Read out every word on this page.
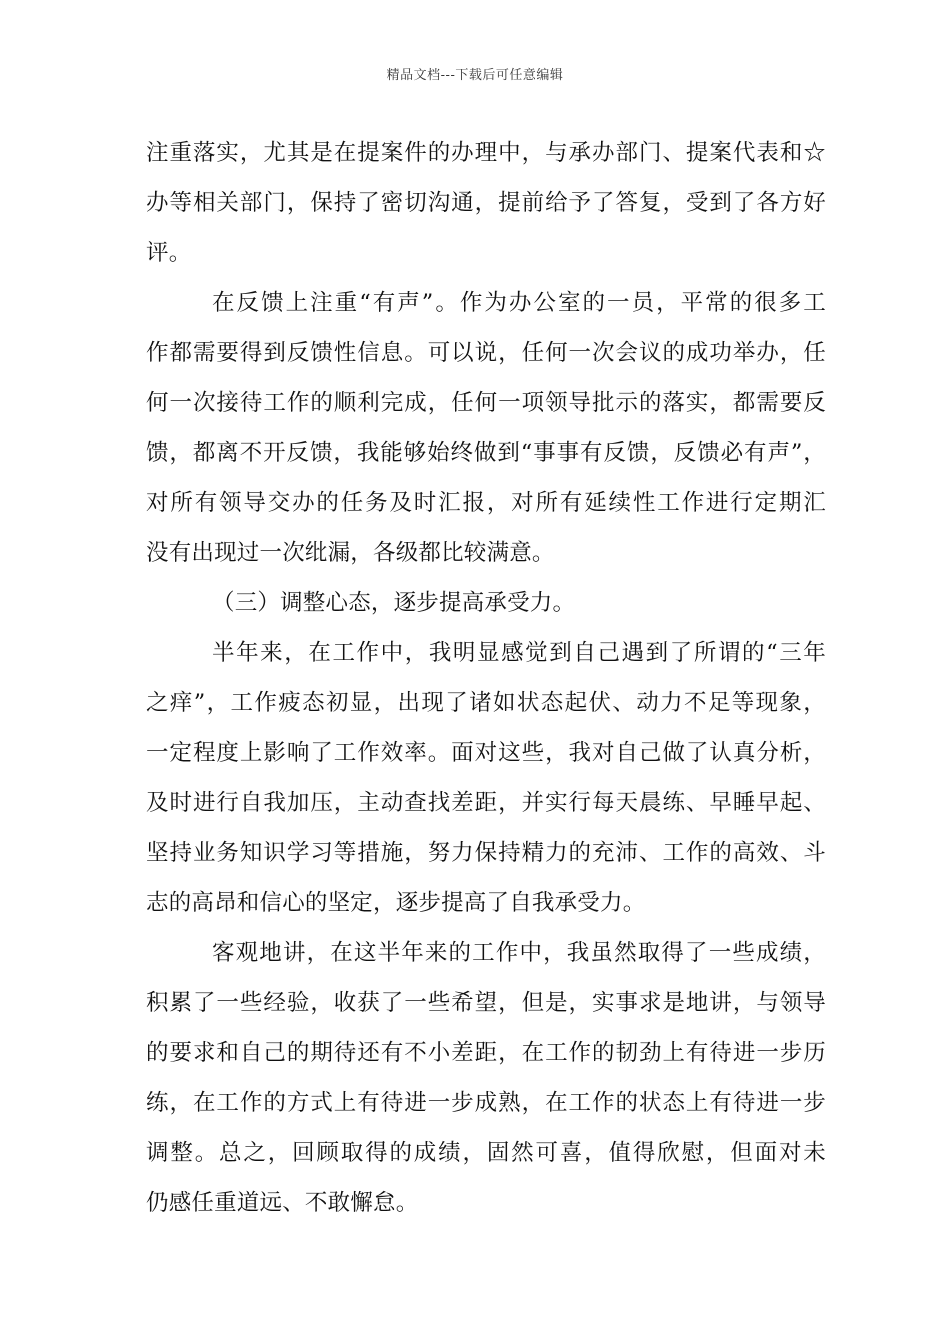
精品文档---下载后可任意编辑
注重落实，尤其是在提案件的办理中，与承办部门、提案代表和☆
办等相关部门，保持了密切沟通，提前给予了答复，受到了各方好
评。
在反馈上注重“有声”。作为办公室的一员，平常的很多工
作都需要得到反馈性信息。可以说，任何一次会议的成功举办，任
何一次接待工作的顺利完成，任何一项领导批示的落实，都需要反
馈，都离不开反馈，我能够始终做到“事事有反馈，反馈必有声”，
对所有领导交办的任务及时汇报，对所有延续性工作进行定期汇
没有出现过一次纰漏，各级都比较满意。
（三）调整心态，逐步提高承受力。
半年来，在工作中，我明显感觉到自己遇到了所谓的“三年
之痒”，工作疲态初显，出现了诸如状态起伏、动力不足等现象，
一定程度上影响了工作效率。面对这些，我对自己做了认真分析，
及时进行自我加压，主动查找差距，并实行每天晨练、早睡早起、
坚持业务知识学习等措施，努力保持精力的充沛、工作的高效、斗
志的高昂和信心的坚定，逐步提高了自我承受力。
客观地讲，在这半年来的工作中，我虽然取得了一些成绩，
积累了一些经验，收获了一些希望，但是，实事求是地讲，与领导
的要求和自己的期待还有不小差距，在工作的韧劲上有待进一步历
练，在工作的方式上有待进一步成熟，在工作的状态上有待进一步
调整。总之，回顾取得的成绩，固然可喜，值得欣慰，但面对未
仍感任重道远、不敢懈怠。
